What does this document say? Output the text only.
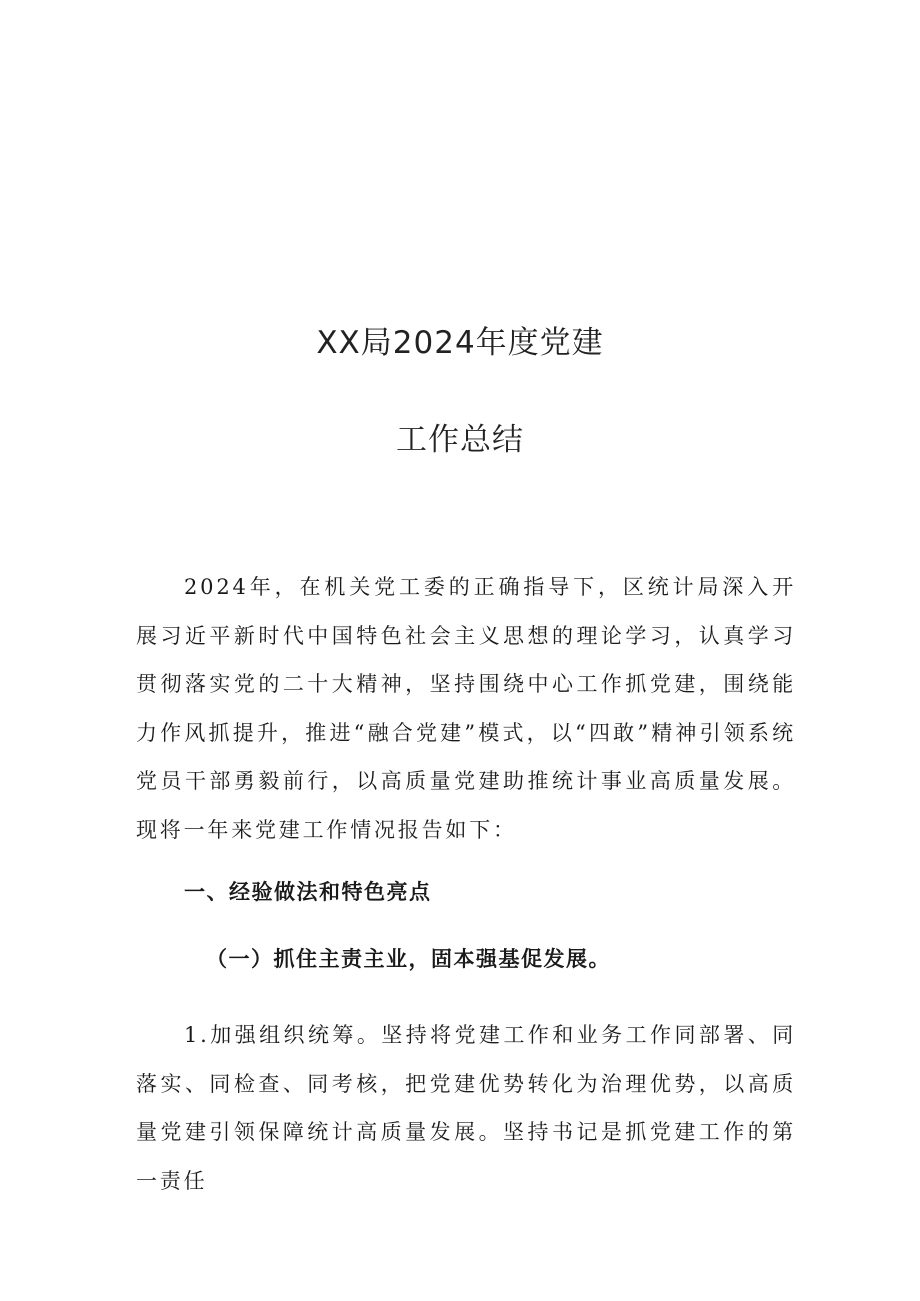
XX局2024年度党建
工作总结

2024年，在机关党工委的正确指导下，区统计局深入开展习近平新时代中国特色社会主义思想的理论学习，认真学习贯彻落实党的二十大精神，坚持围绕中心工作抓党建，围绕能力作风抓提升，推进“融合党建”模式，以“四敢”精神引领系统党员干部勇毅前行，以高质量党建助推统计事业高质量发展。现将一年来党建工作情况报告如下：

一、经验做法和特色亮点
（一）抓住主责主业，固本强基促发展。

1.加强组织统筹。坚持将党建工作和业务工作同部署、同落实、同检查、同考核，把党建优势转化为治理优势，以高质量党建引领保障统计高质量发展。坚持书记是抓党建工作的第一责任
